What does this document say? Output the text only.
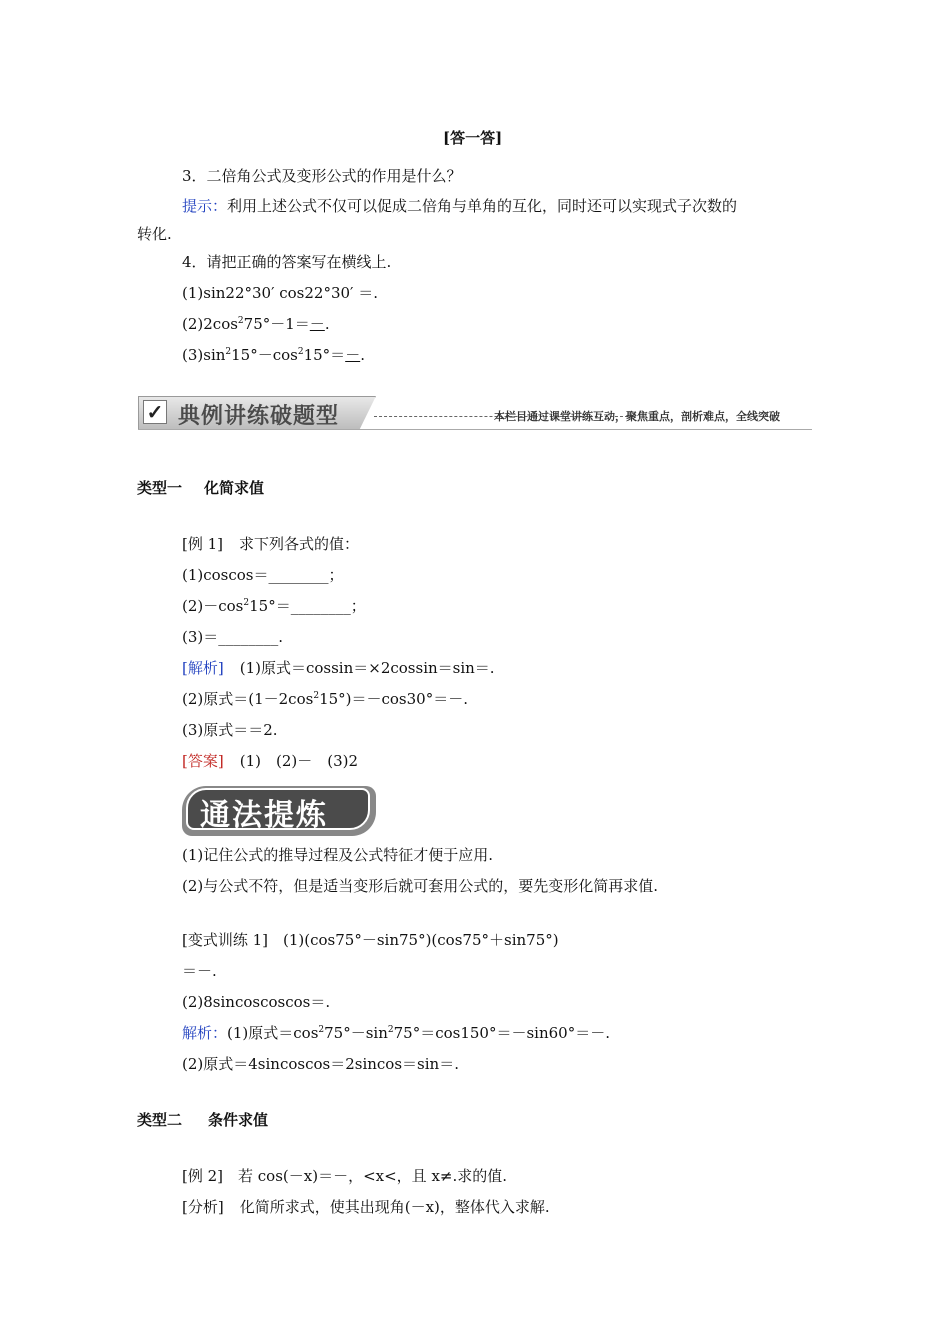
[答一答]
3．二倍角公式及变形公式的作用是什么？
提示：利用上述公式不仅可以促成二倍角与单角的互化，同时还可以实现式子次数的
转化.
4．请把正确的答案写在横线上.
(1)sin22°30′ cos22°30′ ＝.
$(2)2\cos^275^\circ-1=-$.
$(3)\sin^215^\circ-\cos^215^\circ=-$.
✓ 典例讲练破题型	本栏目通过课堂讲练互动，聚焦重点，剖析难点，全线突破
类型一 化简求值
[例 1] 求下列各式的值：
(1)coscos＝________；
$(2)-\cos^215^\circ=\_\_\_\_\_\_\_\_$；
(3)＝________.
[解析] (1)原式＝cossin＝×2cossin＝sin＝.
(2)原式$=(1-2\cos^215^\circ)=-\cos 30^\circ=-$.
(3)原式＝＝2.
[答案] (1)　(2)－　(3)2
通法提炼
(1)记住公式的推导过程及公式特征才便于应用.
(2)与公式不符，但是适当变形后就可套用公式的，要先变形化简再求值.
[变式训练 1]　(1)(cos75°－sin75°)(cos75°＋sin75°)
＝－.
(2)8sincoscoscos＝.
解析：(1)原式$=\cos^275^\circ-\sin^275^\circ=\cos 150^\circ=-\sin 60^\circ=-$.
(2)原式＝4sincoscos＝2sincos＝sin＝.
类型二 条件求值
[例 2]　若 cos(－x)＝－，<x<，且 x≠.求的值.
[分析] 化简所求式，使其出现角(－x)，整体代入求解.
